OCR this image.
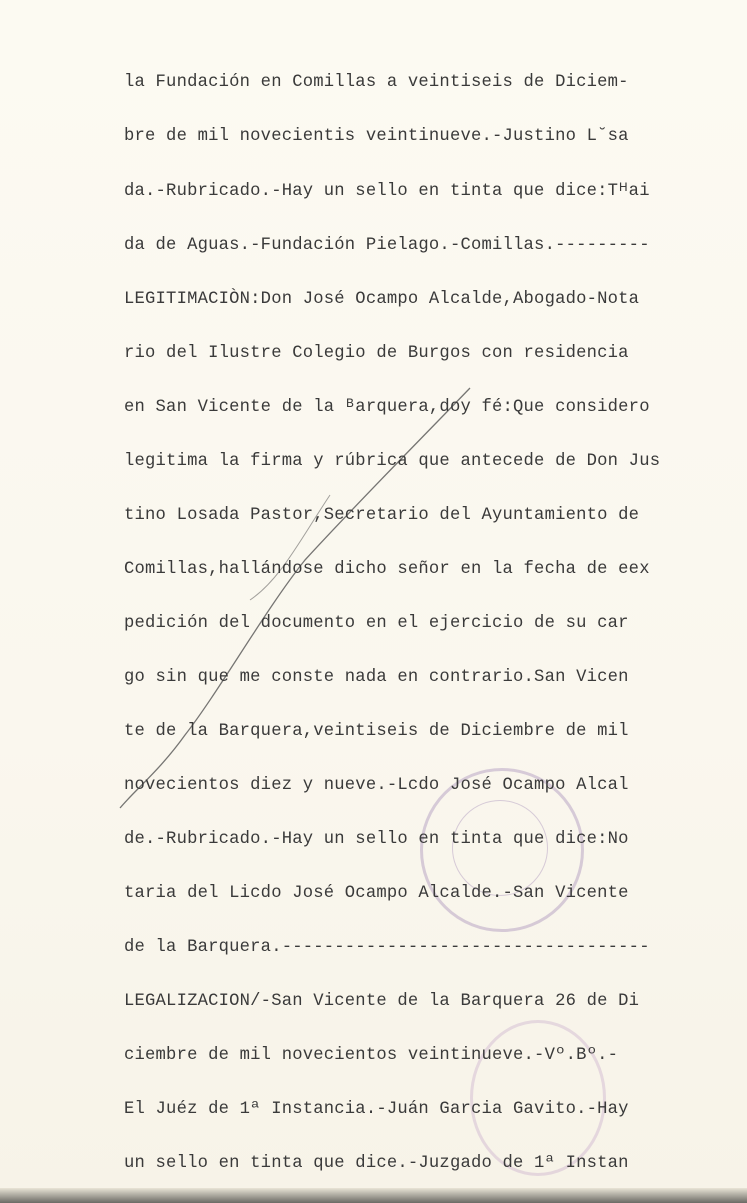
la Fundación en Comillas a veintiseis de Diciem-
bre de mil novecientis veintinueve.-Justino L˘sa
da.-Rubricado.-Hay un sello en tinta que dice:Tᴴai
da de Aguas.-Fundación Pielago.-Comillas.---------
LEGITIMACIÒN:Don José Ocampo Alcalde,Abogado-Nota
rio del Ilustre Colegio de Burgos con residencia
en San Vicente de la ᴮarquera,doy fé:Que considero
legitima la firma y rúbrica que antecede de Don Jus
tino Losada Pastor,Secretario del Ayuntamiento de
Comillas,hallándose dicho señor en la fecha de eex
pedición del documento en el ejercicio de su car
go sin que me conste nada en contrario.San Vicen
te de la Barquera,veintiseis de Diciembre de mil
novecientos diez y nueve.-Lcdo José Ocampo Alcal
de.-Rubricado.-Hay un sello en tinta que dice:No
taria del Licdo José Ocampo Alcalde.-San Vicente
de la Barquera.-----------------------------------
LEGALIZACION/-San Vicente de la Barquera 26 de Di
ciembre de mil novecientos veintinueve.-Vº.Bº.-
El Juéz de 1ª Instancia.-Juán Garcia Gavito.-Hay
un sello en tinta que dice.-Juzgado de 1ª Instan
